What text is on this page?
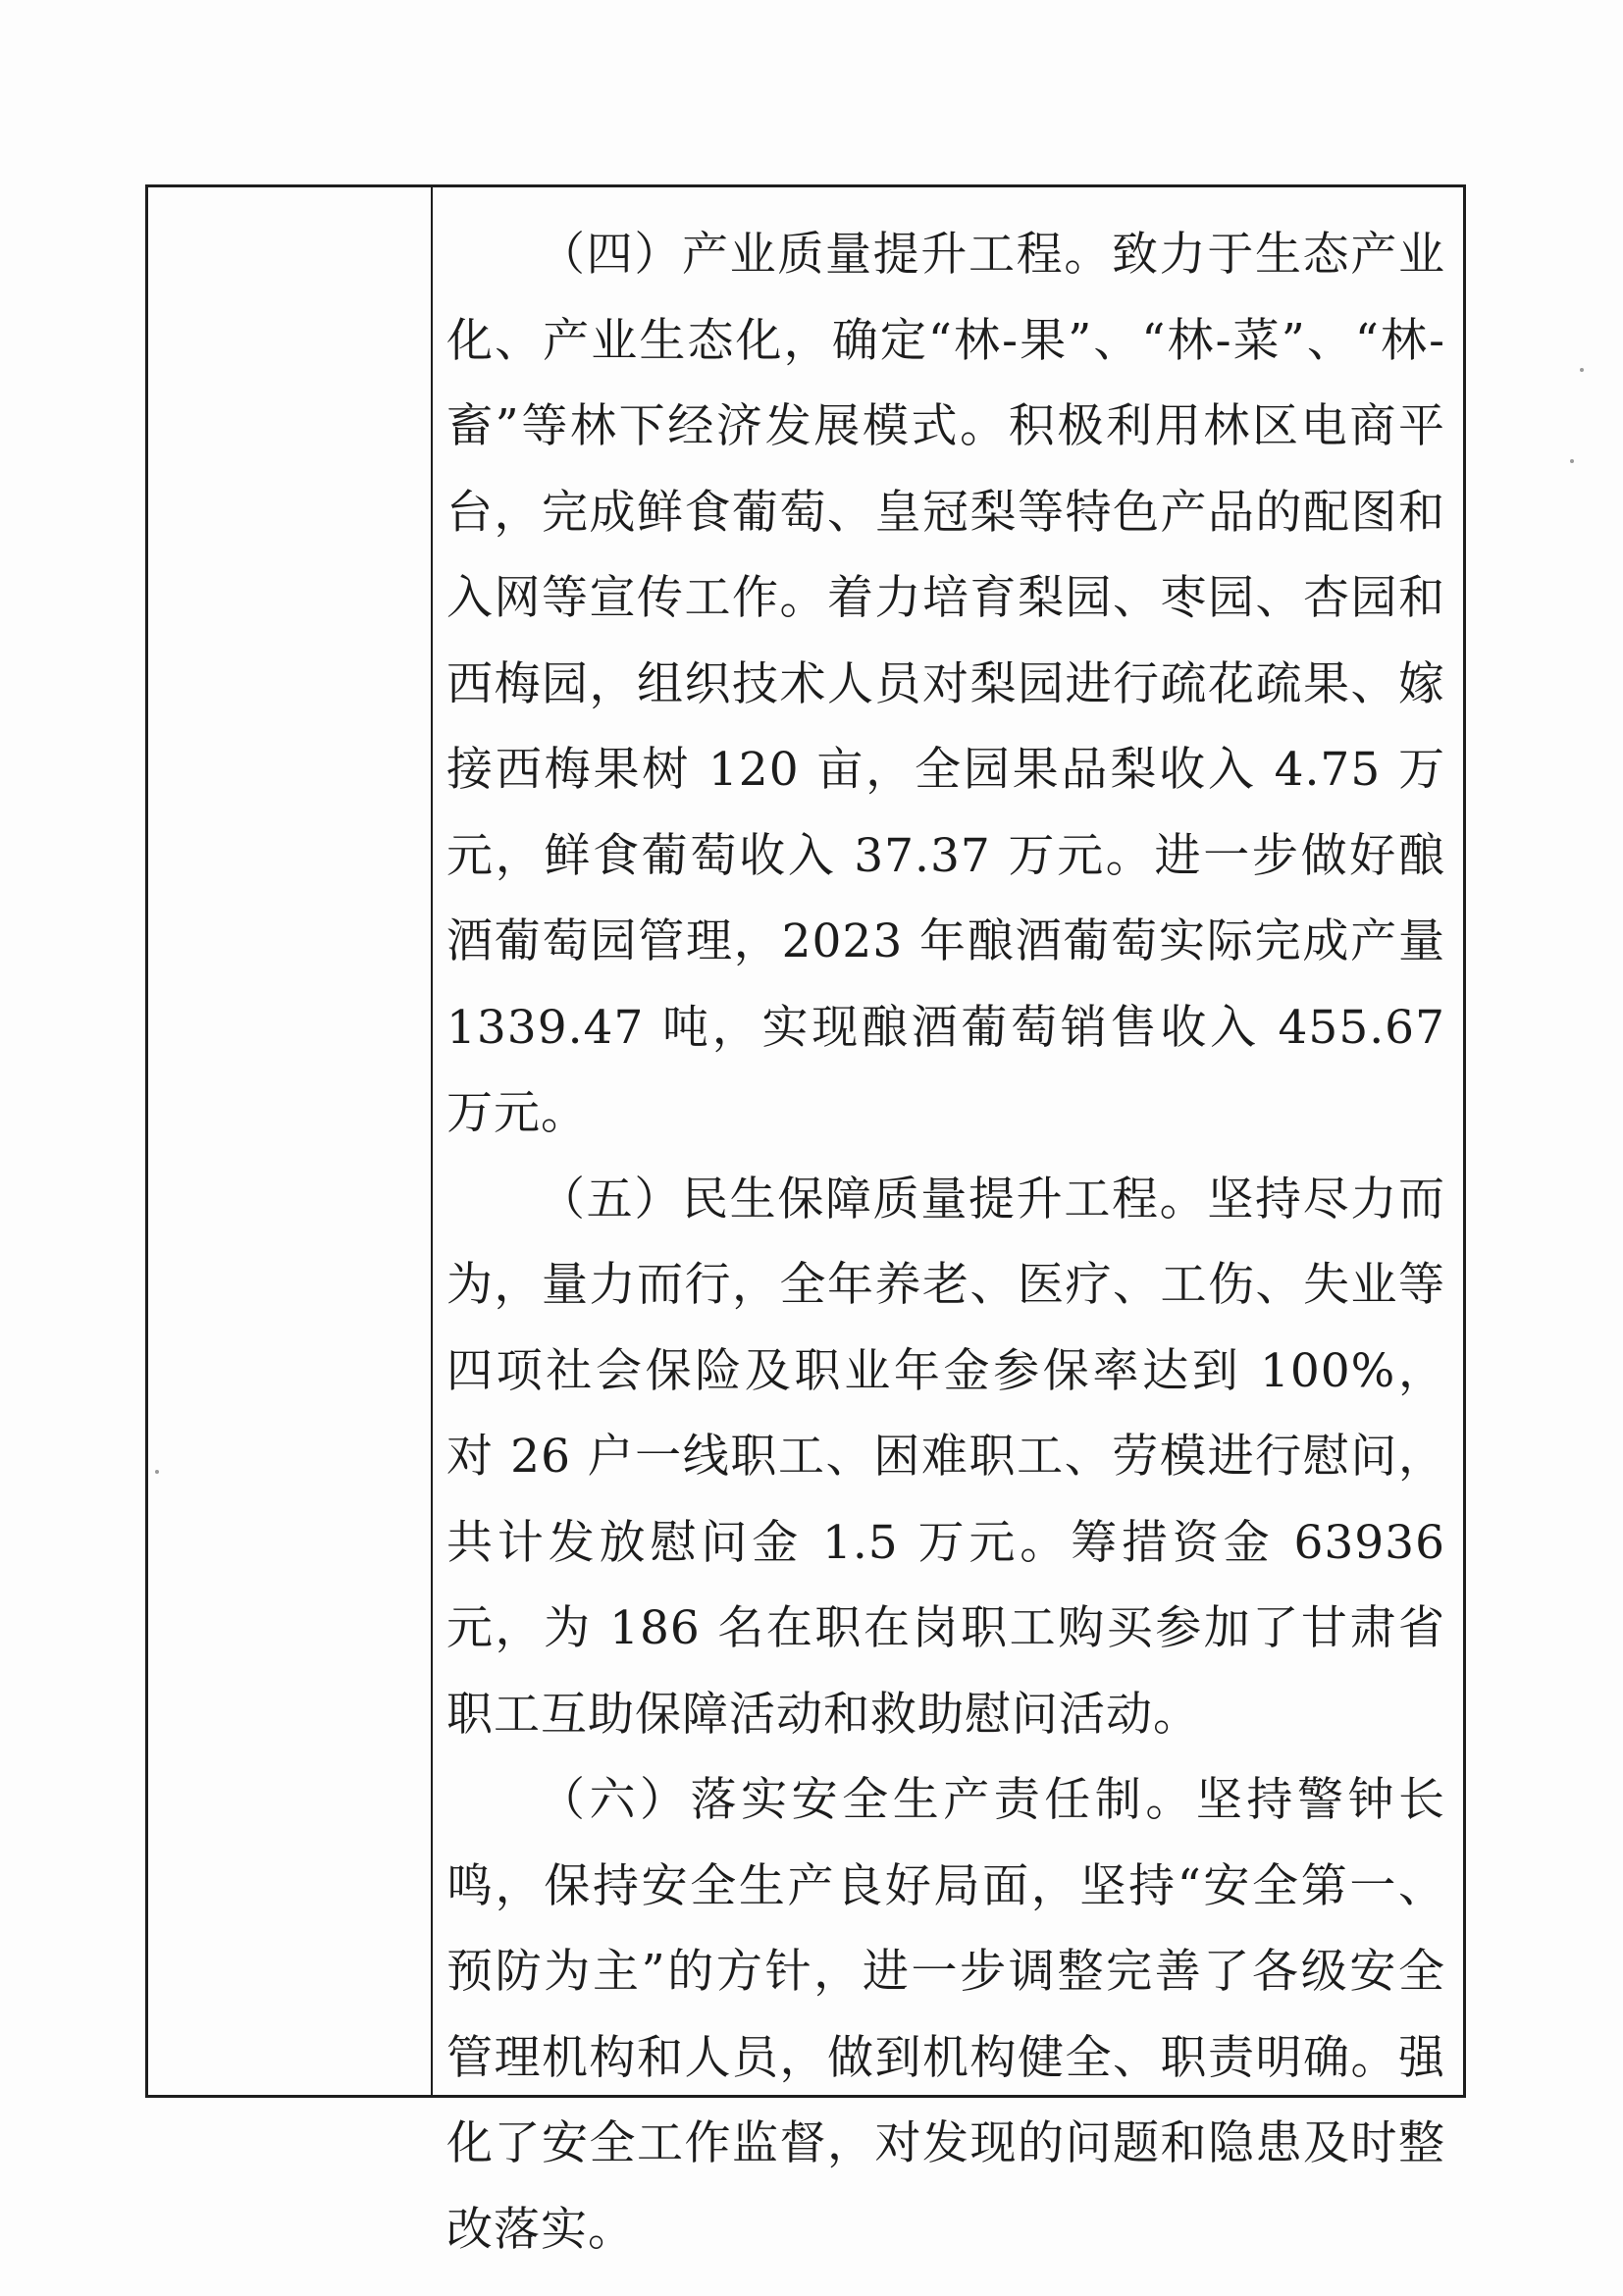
（四）产业质量提升工程。致力于生态产业化、产业生态化，确定“林-果”、“林-菜”、“林-畜”等林下经济发展模式。积极利用林区电商平台，完成鲜食葡萄、皇冠梨等特色产品的配图和入网等宣传工作。着力培育梨园、枣园、杏园和西梅园，组织技术人员对梨园进行疏花疏果、嫁接西梅果树 120 亩，全园果品梨收入 4.75 万元，鲜食葡萄收入 37.37 万元。进一步做好酿酒葡萄园管理，2023 年酿酒葡萄实际完成产量 1339.47 吨，实现酿酒葡萄销售收入 455.67 万元。

（五）民生保障质量提升工程。坚持尽力而为，量力而行，全年养老、医疗、工伤、失业等四项社会保险及职业年金参保率达到 100%，对 26 户一线职工、困难职工、劳模进行慰问，共计发放慰问金 1.5 万元。筹措资金 63936 元，为 186 名在职在岗职工购买参加了甘肃省职工互助保障活动和救助慰问活动。

（六）落实安全生产责任制。坚持警钟长鸣，保持安全生产良好局面，坚持“安全第一、预防为主”的方针，进一步调整完善了各级安全管理机构和人员，做到机构健全、职责明确。强化了安全工作监督，对发现的问题和隐患及时整改落实。
